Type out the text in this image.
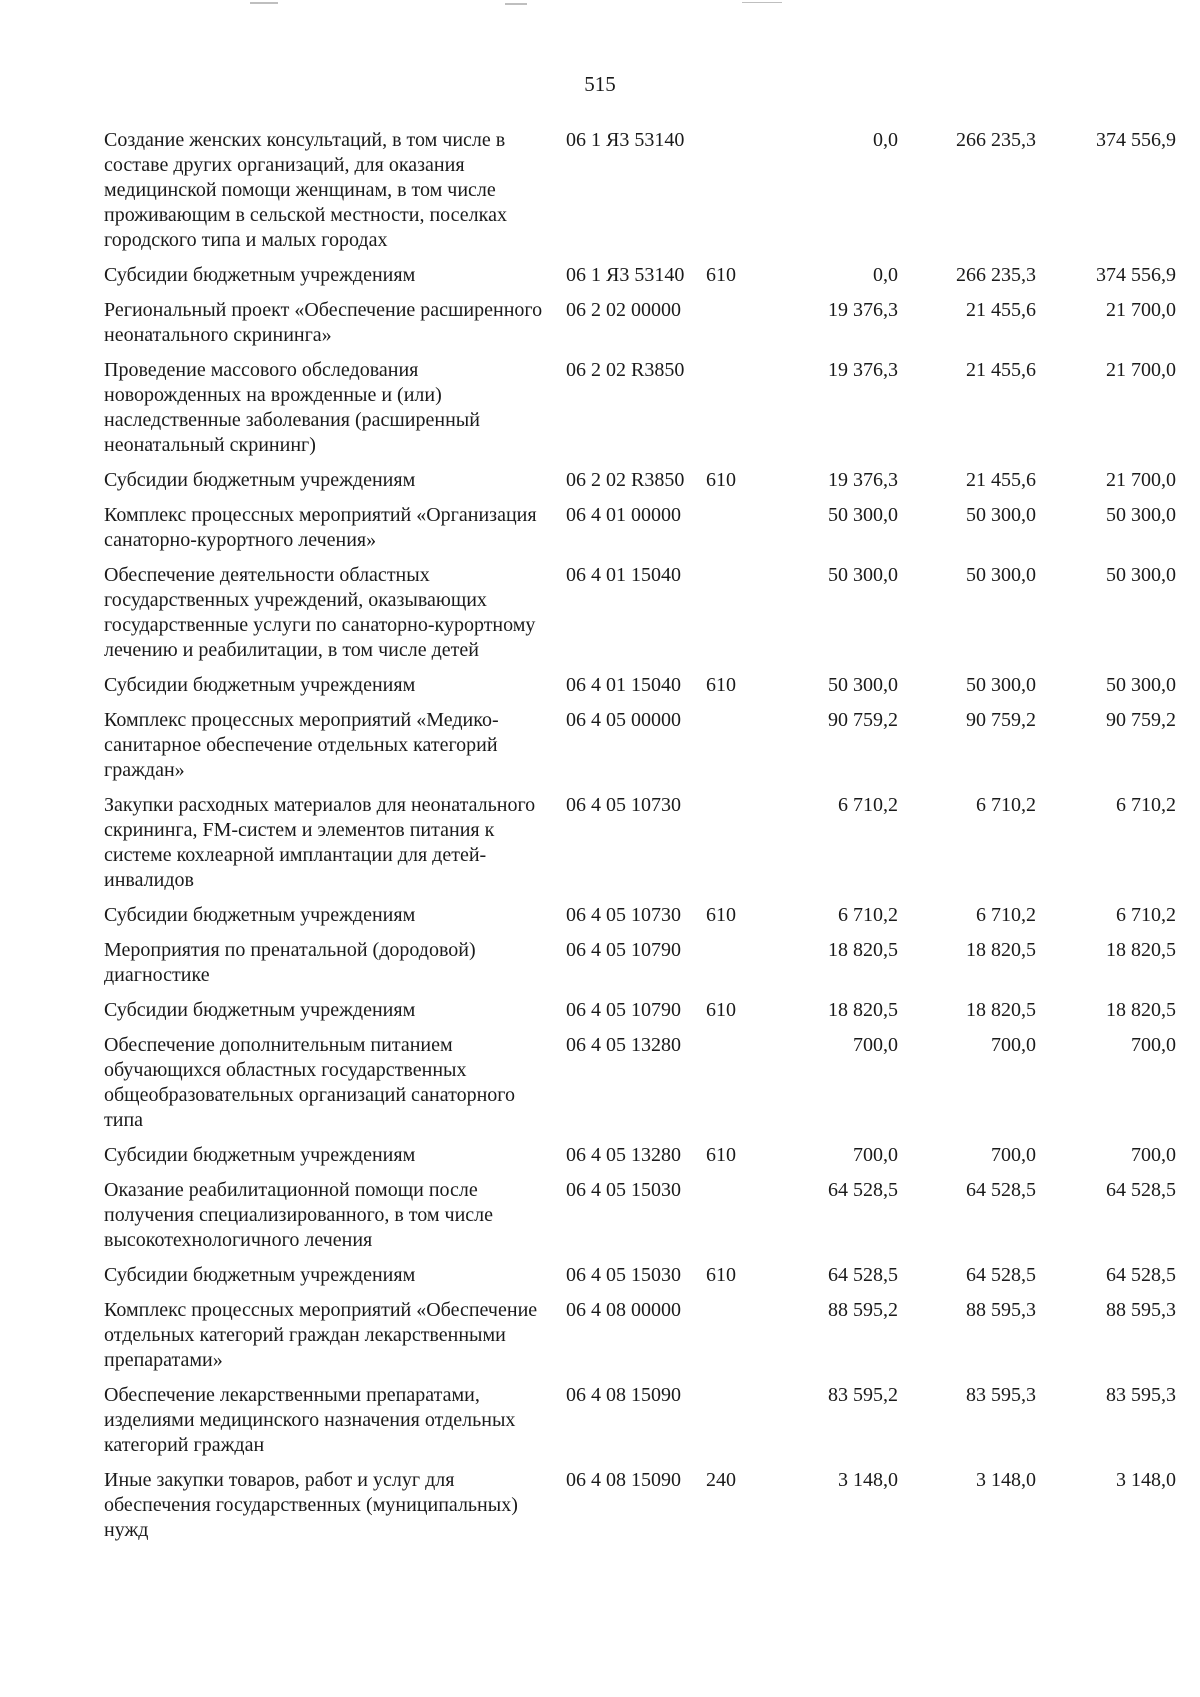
515
Создание женских консультаций, в том числе в составе других организаций, для оказания медицинской помощи женщинам, в том числе проживающим в сельской местности, поселках городского типа и малых городах	06 1 Я3 53140		0,0	266 235,3	374 556,9
Субсидии бюджетным учреждениям	06 1 Я3 53140	610	0,0	266 235,3	374 556,9
Региональный проект «Обеспечение расширенного неонатального скрининга»	06 2 02 00000		19 376,3	21 455,6	21 700,0
Проведение массового обследования новорожденных на врожденные и (или) наследственные заболевания (расширенный неонатальный скрининг)	06 2 02 R3850		19 376,3	21 455,6	21 700,0
Субсидии бюджетным учреждениям	06 2 02 R3850	610	19 376,3	21 455,6	21 700,0
Комплекс процессных мероприятий «Организация санаторно-курортного лечения»	06 4 01 00000		50 300,0	50 300,0	50 300,0
Обеспечение деятельности областных государственных учреждений, оказывающих государственные услуги по санаторно-курортному лечению и реабилитации, в том числе детей	06 4 01 15040		50 300,0	50 300,0	50 300,0
Субсидии бюджетным учреждениям	06 4 01 15040	610	50 300,0	50 300,0	50 300,0
Комплекс процессных мероприятий «Медико-санитарное обеспечение отдельных категорий граждан»	06 4 05 00000		90 759,2	90 759,2	90 759,2
Закупки расходных материалов для неонатального скрининга, FM-систем и элементов питания к системе кохлеарной имплантации для детей-инвалидов	06 4 05 10730		6 710,2	6 710,2	6 710,2
Субсидии бюджетным учреждениям	06 4 05 10730	610	6 710,2	6 710,2	6 710,2
Мероприятия по пренатальной (дородовой) диагностике	06 4 05 10790		18 820,5	18 820,5	18 820,5
Субсидии бюджетным учреждениям	06 4 05 10790	610	18 820,5	18 820,5	18 820,5
Обеспечение дополнительным питанием обучающихся областных государственных общеобразовательных организаций санаторного типа	06 4 05 13280		700,0	700,0	700,0
Субсидии бюджетным учреждениям	06 4 05 13280	610	700,0	700,0	700,0
Оказание реабилитационной помощи после получения специализированного, в том числе высокотехнологичного лечения	06 4 05 15030		64 528,5	64 528,5	64 528,5
Субсидии бюджетным учреждениям	06 4 05 15030	610	64 528,5	64 528,5	64 528,5
Комплекс процессных мероприятий «Обеспечение отдельных категорий граждан лекарственными препаратами»	06 4 08 00000		88 595,2	88 595,3	88 595,3
Обеспечение лекарственными препаратами, изделиями медицинского назначения отдельных категорий граждан	06 4 08 15090		83 595,2	83 595,3	83 595,3
Иные закупки товаров, работ и услуг для обеспечения государственных (муниципальных) нужд	06 4 08 15090	240	3 148,0	3 148,0	3 148,0
